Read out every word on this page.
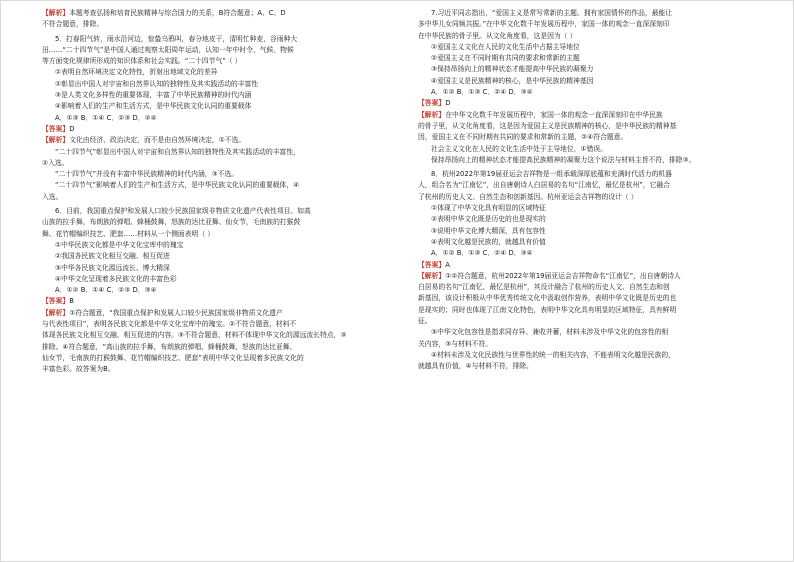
【解析】本题考查弘扬和培育民族精神与综合国力的关系，B符合题意；A、C、D

不符合题意，排除。

5．打春阳气转，雨水沿河边，惊蛰乌鸦叫，春分地皮干，清明忙种麦，谷雨种大

田……“二十四节气”是中国人通过观察太阳周年运动，认知一年中时令、气候、物候

等方面变化规律所形成的知识体系和社会实践。“二十四节气”（ ）

①表明自然环境决定文化特性，折射出地域文化的差异

②彰显出中国人对宇宙和自然界认知的独特性及其实践活动的丰富性

③是人类文化多样性的重要体现，丰富了中华民族精神的时代内涵

④影响着人们的生产和生活方式，是中华民族文化认同的重要载体

A．①③ B．①④ C．②③ D．②④

【答案】D

【解析】文化由经济、政治决定，而不是由自然环境决定，①不选。

“二十四节气”彰显出中国人对宇宙和自然界认知的独特性及其实践活动的丰富性，

②入选。

“二十四节气”并没有丰富中华民族精神的时代内涵，③不选。

“二十四节气”影响着人们的生产和生活方式，是中华民族文化认同的重要载体，④

入选。

6．目前，我国重点保护和发展人口较少民族国家级非物质文化遗产代表性项目。如高

山族的拉手舞，布朗族的弹唱、蜂桶鼓舞，怒族的达比亚舞、仙女节，毛南族的打猴鼓

舞、花竹帽编织技艺、肥套……材料从一个侧面表明（ ）

①中华民族文化都是中华文化宝库中的瑰宝

②我国各民族文化相互交融、相互促进

③中华各民族文化源远流长、博大精深

④中华文化呈现着多民族文化的丰富色彩

A．①② B．①④ C．②③ D．③④

【答案】B

【解析】①符合题意，“我国重点保护和发展人口较少民族国家级非物质文化遗产

与代表性项目”，表明各民族文化都是中华文化宝库中的瑰宝。②不符合题意，材料不

体现各民族文化相互交融、相互促进的内容。③不符合题意，材料不体现中华文化的源远流长特点，③

排除。④符合题意，“高山族的拉手舞，布朗族的弹唱、蜂桶鼓舞，怒族的达比亚舞、

仙女节，毛南族的打猴鼓舞、花竹帽编织技艺、肥套”表明中华文化呈现着多民族文化的

丰富色彩。故答案为B。

7.习近平同志指出，“爱国主义是常写常新的主题。拥有家国情怀的作品，最能让

多中华儿女同频共振。”在中华文化数千年发展历程中，家国一体的观念一直深深刻印

在中华民族的骨子里。从文化角度看，这是因为（ ）

①爱国主义文化在人民的文化生活中占据主导地位

②爱国主义在不同时期有共同的要求和常新的主题

③保持昂扬向上的精神状态才能提高中华民族的凝聚力

④爱国主义是民族精神的核心，是中华民族的精神基因

A．①② B．①③ C．②④ D．③④

【答案】D

【解析】在中华文化数千年发展历程中，家国一体的观念一直深深刻印在中华民族

的骨子里，从文化角度看，这是因为爱国主义是民族精神的核心，是中华民族的精神基

因，爱国主义在不同时期有共同的要求和常新的主题，②④符合题意。

社会主义文化在人民的文化生活中处于主导地位，①错误。

保持昂扬向上的精神状态才能提高民族精神的凝聚力这个说法与材料主旨不符，排除③。

8．杭州2022年第19届亚运会吉祥物是一组承载深厚底蕴和充满时代活力的机器

人，组合名为“江南忆”，出自唐朝诗人白居易的名句“江南忆，最忆是杭州”，它融合

了杭州的历史人文、自然生态和创新基因。杭州亚运会吉祥物的设计（ ）

①体现了中华文化具有明显的区域特征

②表明中华文化既是历史的也是现实的

③说明中华文化博大精深，具有包容性

④表明文化越是民族的，就越具有价值

A．①② B．①③ C．②④ D．③④

【答案】A

【解析】①②符合题意，杭州2022年第19届亚运会吉祥物命名“江南忆”，出自唐朝诗人

白居易的名句“江南忆，最忆是杭州”，其设计融合了杭州的历史人文、自然生态和创

新基因，该设计积极从中华优秀传统文化中汲取创作营养，表明中华文化既是历史的也

是现实的；同时也体现了江南文化特色，表明中华文化具有明显的区域特征，具有鲜明

征。

③中华文化包容性是指求同存异、兼收并蓄，材料未涉及中华文化的包容性的相

关内容，③与材料不符。

④材料未涉及文化民族性与世界性的统一的相关内容，不能表明文化越是民族的，

就越具有价值，④与材料不符，排除。
